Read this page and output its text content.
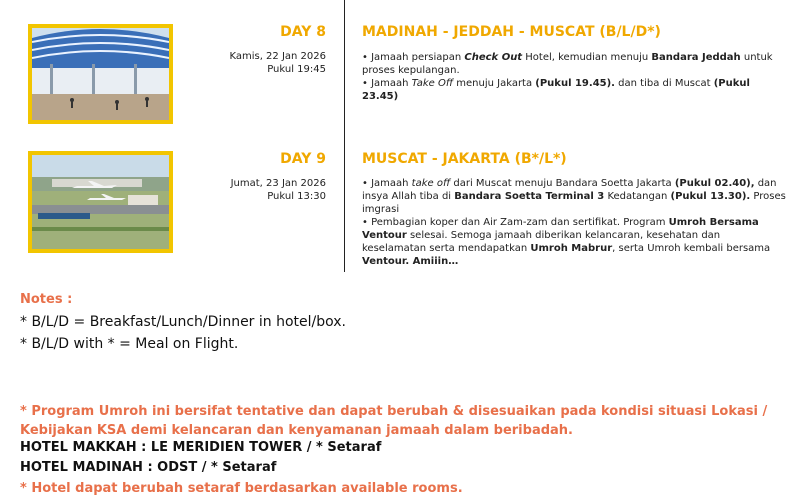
DAY 8
Kamis, 22 Jan 2026
Pukul 19:45
MADINAH - JEDDAH - MUSCAT (B/L/D*)

• Jamaah persiapan Check Out Hotel, kemudian menuju Bandara Jeddah untuk proses kepulangan.

• Jamaah Take Off menuju Jakarta (Pukul 19.45). dan tiba di Muscat (Pukul 23.45)

DAY 9
Jumat, 23 Jan 2026
Pukul 13:30
MUSCAT - JAKARTA (B*/L*)

• Jamaah take off dari Muscat menuju Bandara Soetta Jakarta (Pukul 02.40), dan insya Allah tiba di Bandara Soetta Terminal 3 Kedatangan (Pukul 13.30). Proses imgrasi

• Pembagian koper dan Air Zam-zam dan sertifikat. Program Umroh Bersama Ventour selesai. Semoga jamaah diberikan kelancaran, kesehatan dan keselamatan serta mendapatkan Umroh Mabrur, serta Umroh kembali bersama Ventour. Amiiin…

Notes :
* B/L/D = Breakfast/Lunch/Dinner in hotel/box.
* B/L/D with * = Meal on Flight.
* Program Umroh ini bersifat tentative dan dapat berubah & disesuaikan pada kondisi situasi Lokasi / Kebijakan KSA demi kelancaran dan kenyamanan jamaah dalam beribadah.
HOTEL MAKKAH : LE MERIDIEN TOWER / * Setaraf
HOTEL MADINAH : ODST / * Setaraf
* Hotel dapat berubah setaraf berdasarkan available rooms.
